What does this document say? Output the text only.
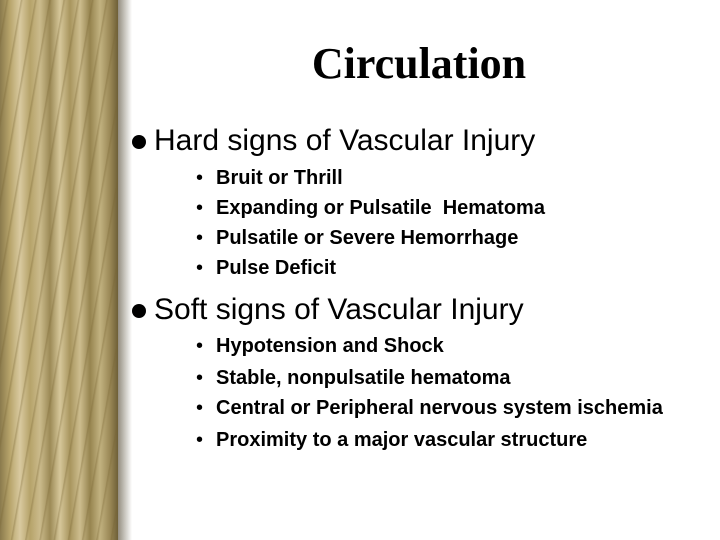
Circulation
Hard signs of Vascular Injury
• Bruit or Thrill
• Expanding or Pulsatile  Hematoma
• Pulsatile or Severe Hemorrhage
• Pulse Deficit
Soft signs of Vascular Injury
• Hypotension and Shock
• Stable, nonpulsatile hematoma
• Central or Peripheral nervous system ischemia
• Proximity to a major vascular structure
